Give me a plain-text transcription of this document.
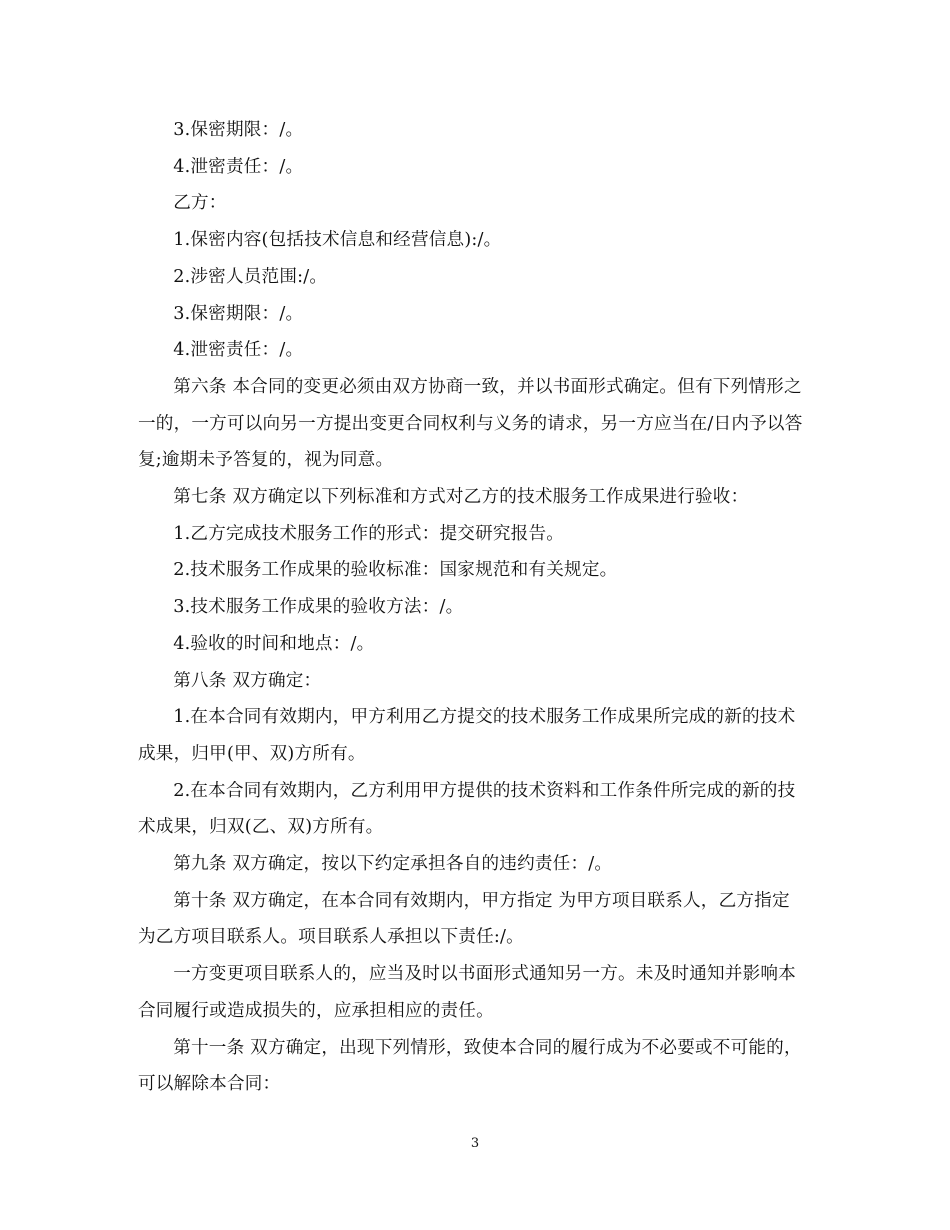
3.保密期限：/。

4.泄密责任：/。

乙方：

1.保密内容(包括技术信息和经营信息):/。

2.涉密人员范围:/。

3.保密期限：/。

4.泄密责任：/。

第六条 本合同的变更必须由双方协商一致，并以书面形式确定。但有下列情形之一的，一方可以向另一方提出变更合同权利与义务的请求，另一方应当在/日内予以答复;逾期未予答复的，视为同意。

第七条 双方确定以下列标准和方式对乙方的技术服务工作成果进行验收：

1.乙方完成技术服务工作的形式：提交研究报告。

2.技术服务工作成果的验收标准：国家规范和有关规定。

3.技术服务工作成果的验收方法：/。

4.验收的时间和地点：/。

第八条 双方确定：

1.在本合同有效期内，甲方利用乙方提交的技术服务工作成果所完成的新的技术成果，归甲(甲、双)方所有。

2.在本合同有效期内，乙方利用甲方提供的技术资料和工作条件所完成的新的技术成果，归双(乙、双)方所有。

第九条 双方确定，按以下约定承担各自的违约责任：/。

第十条 双方确定，在本合同有效期内，甲方指定 为甲方项目联系人，乙方指定 为乙方项目联系人。项目联系人承担以下责任:/。

一方变更项目联系人的，应当及时以书面形式通知另一方。未及时通知并影响本合同履行或造成损失的，应承担相应的责任。

第十一条 双方确定，出现下列情形，致使本合同的履行成为不必要或不可能的，可以解除本合同：

3
